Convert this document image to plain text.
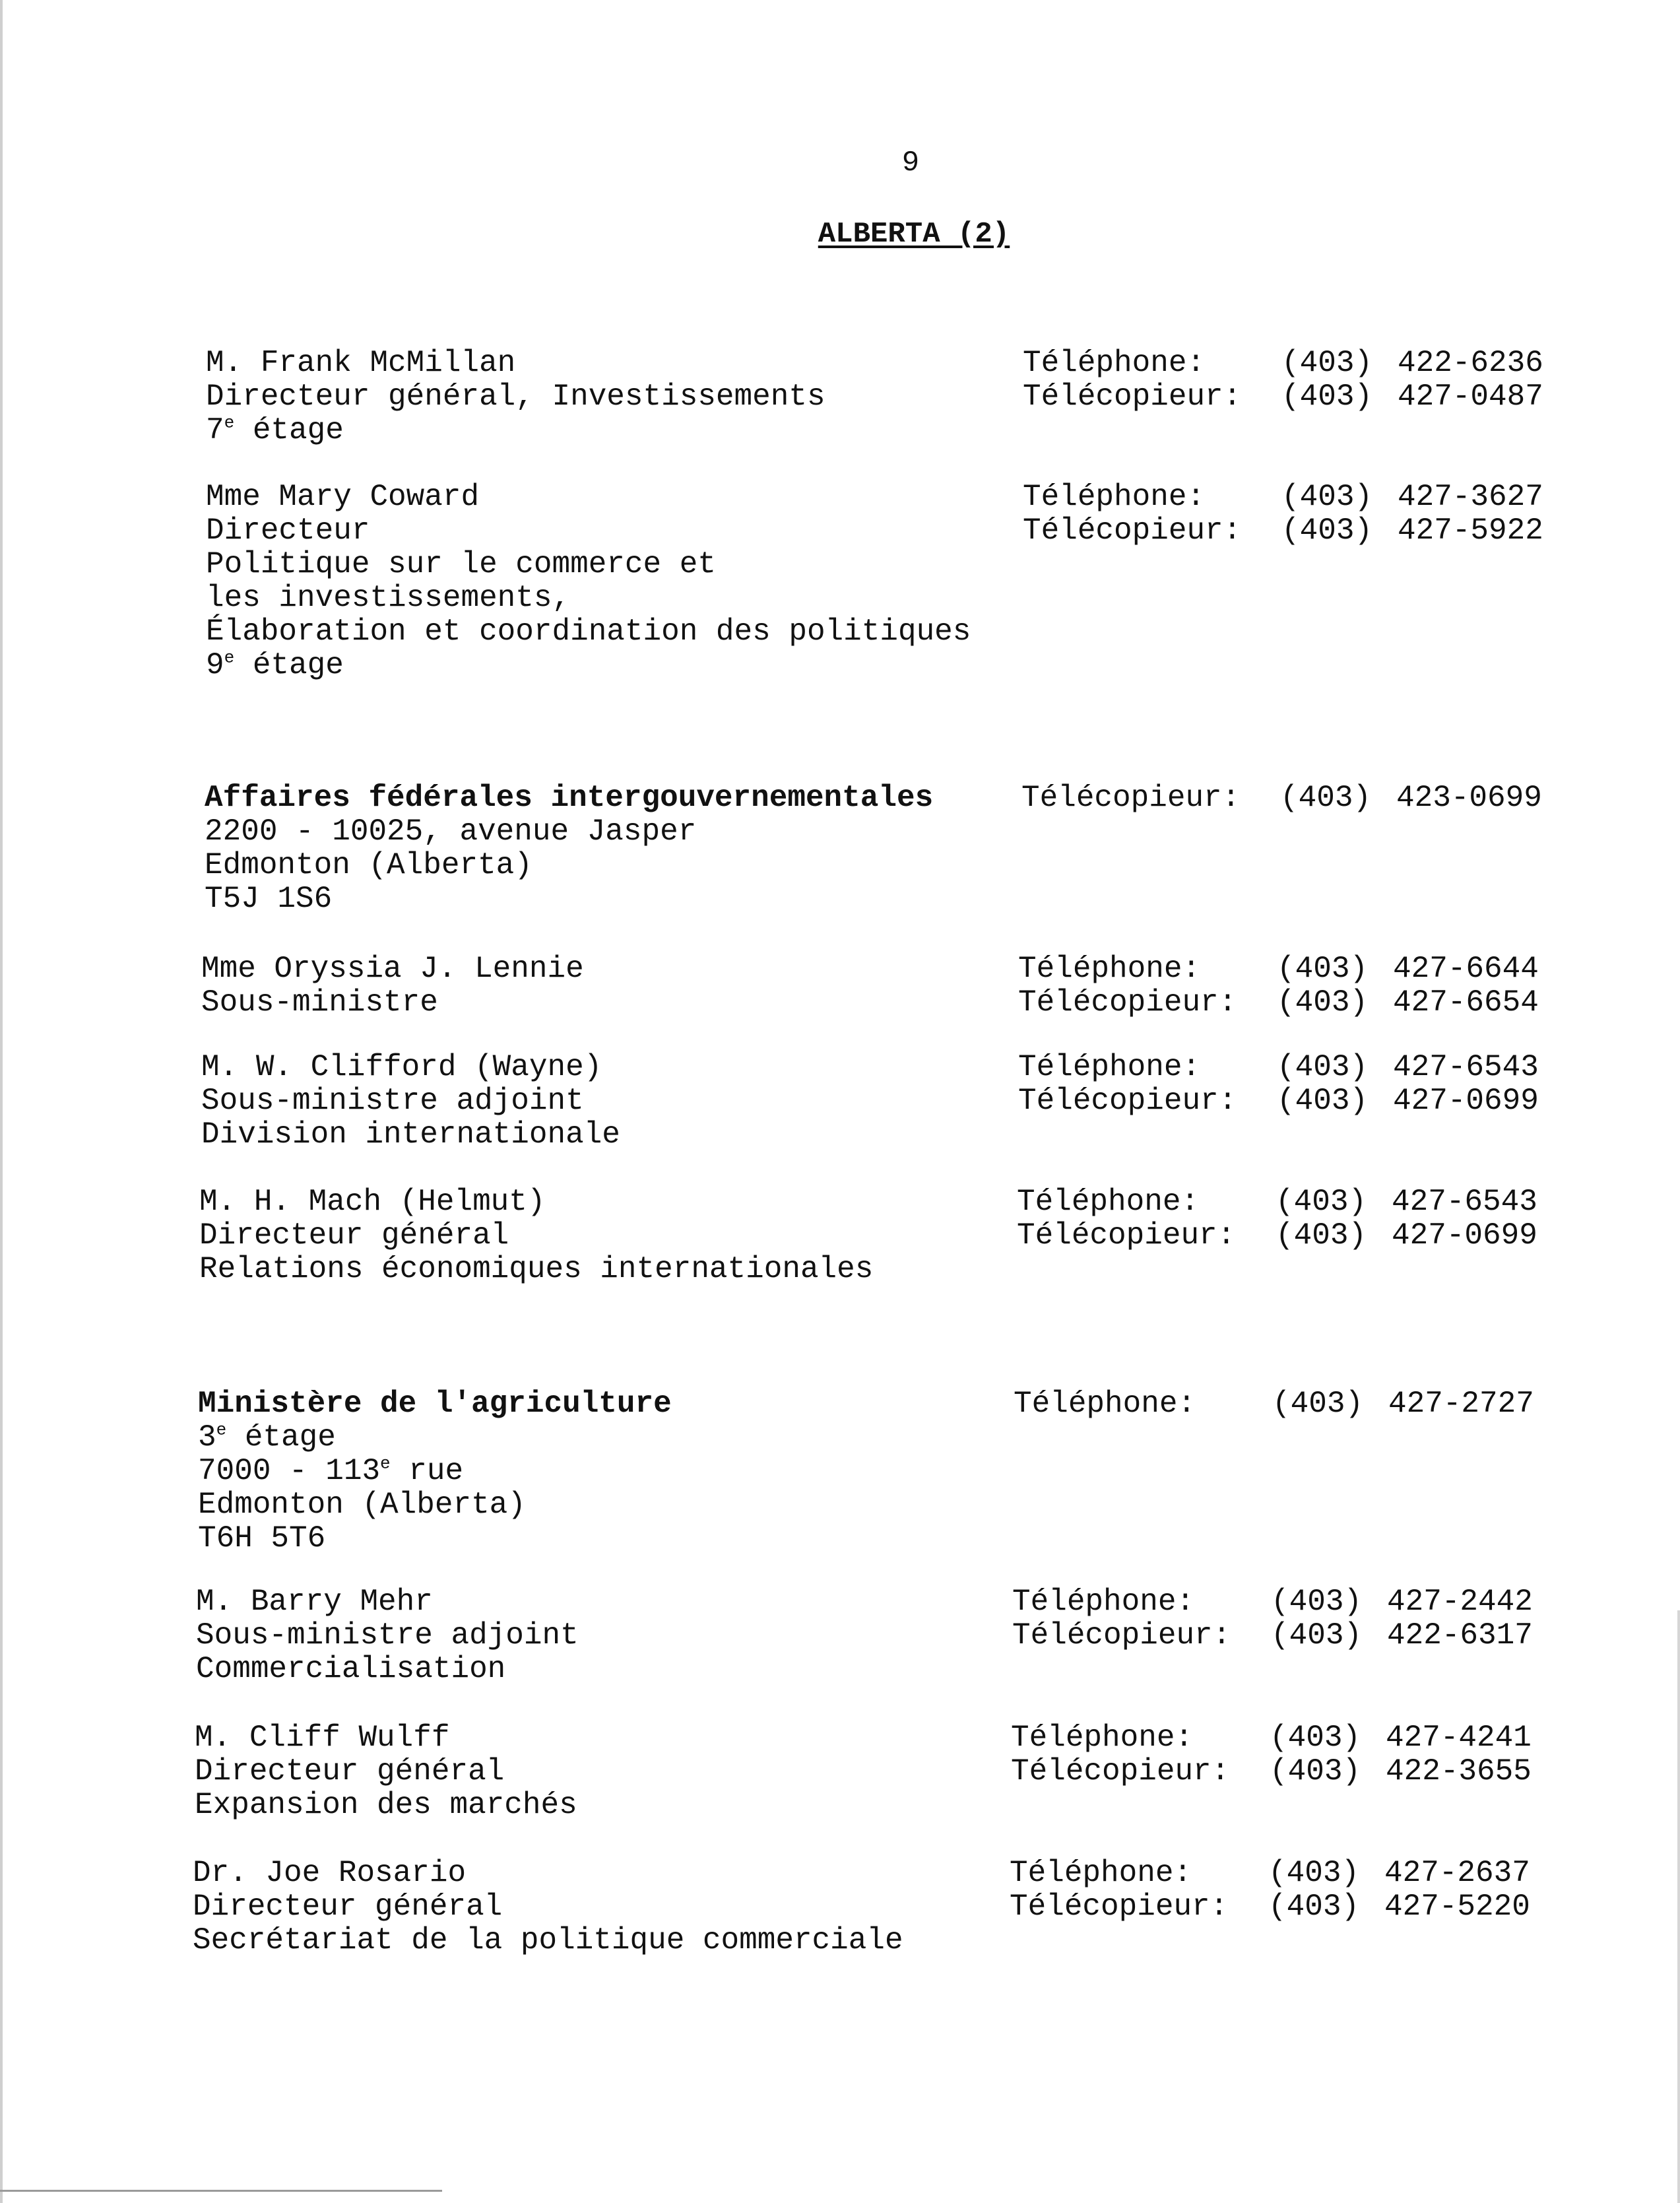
9
ALBERTA (2)
M. Frank McMillan
Directeur général, Investissements
7e étage
Téléphone:	(403) 422-6236
Télécopieur:	(403) 427-0487
Mme Mary Coward
Directeur
Politique sur le commerce et
les investissements,
Élaboration et coordination des politiques
9e étage
Téléphone:	(403) 427-3627
Télécopieur:	(403) 427-5922
Affaires fédérales intergouvernementales
2200 - 10025, avenue Jasper
Edmonton (Alberta)
T5J 1S6
Télécopieur:	(403) 423-0699
Mme Oryssia J. Lennie
Sous-ministre
Téléphone:	(403) 427-6644
Télécopieur:	(403) 427-6654
M. W. Clifford (Wayne)
Sous-ministre adjoint
Division internationale
Téléphone:	(403) 427-6543
Télécopieur:	(403) 427-0699
M. H. Mach (Helmut)
Directeur général
Relations économiques internationales
Téléphone:	(403) 427-6543
Télécopieur:	(403) 427-0699
Ministère de l'agriculture
3e étage
7000 - 113e rue
Edmonton (Alberta)
T6H 5T6
Téléphone:	(403) 427-2727
M. Barry Mehr
Sous-ministre adjoint
Commercialisation
Téléphone:	(403) 427-2442
Télécopieur:	(403) 422-6317
M. Cliff Wulff
Directeur général
Expansion des marchés
Téléphone:	(403) 427-4241
Télécopieur:	(403) 422-3655
Dr. Joe Rosario
Directeur général
Secrétariat de la politique commerciale
Téléphone:	(403) 427-2637
Télécopieur:	(403) 427-5220
